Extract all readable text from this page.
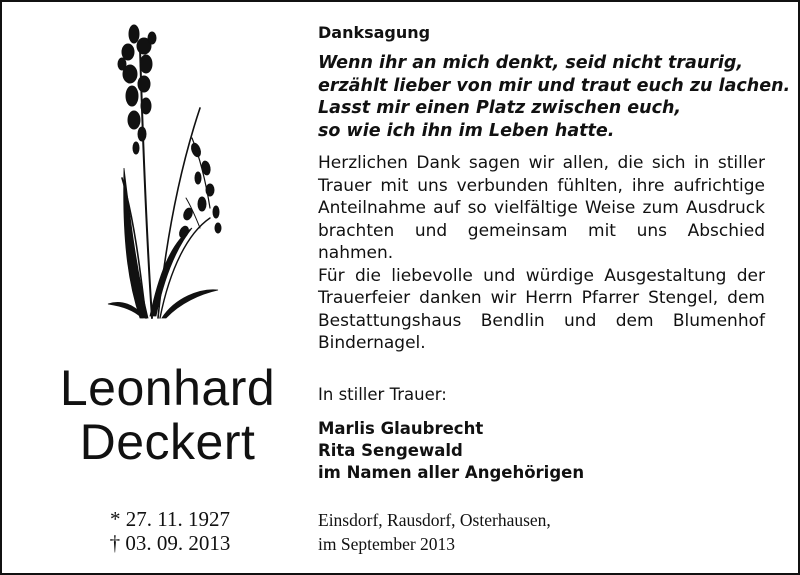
Leonhard
Deckert
* 27. 11. 1927
† 03. 09. 2013
Danksagung
Wenn ihr an mich denkt, seid nicht traurig,
erzählt lieber von mir und traut euch zu lachen.
Lasst mir einen Platz zwischen euch,
so wie ich ihn im Leben hatte.

Herzlichen Dank sagen wir allen, die sich in stiller Trauer mit uns verbunden fühlten, ihre aufrichtige Anteilnahme auf so vielfältige Weise zum Ausdruck brachten und gemeinsam mit uns Abschied nahmen.

Für die liebevolle und würdige Ausgestaltung der Trauerfeier danken wir Herrn Pfarrer Stengel, dem Bestattungshaus Bendlin und dem Blumenhof Bindernagel.

In stiller Trauer:
Marlis Glaubrecht
Rita Sengewald
im Namen aller Angehörigen
Einsdorf, Rausdorf, Osterhausen,
im September 2013
